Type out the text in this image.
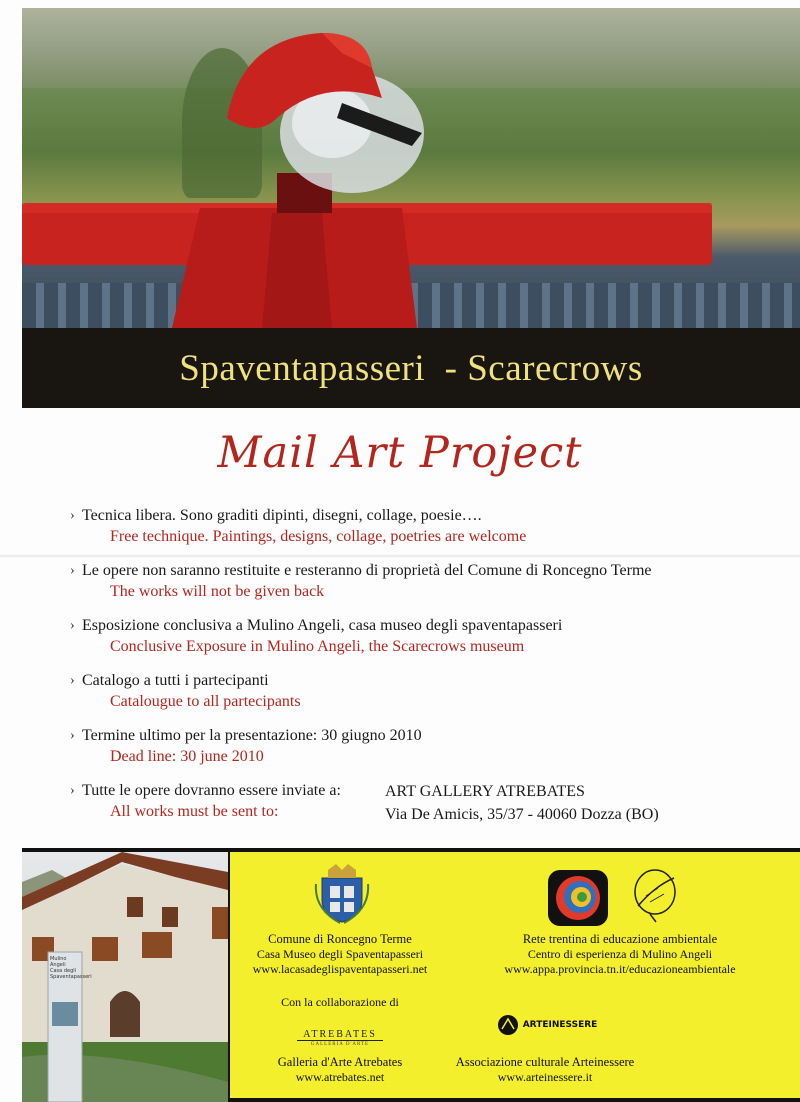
Spaventapasseri  - Scarecrows
Mail Art Project
› Tecnica libera. Sono graditi dipinti, disegni, collage, poesie….
Free technique. Paintings, designs, collage, poetries are welcome
› Le opere non saranno restituite e resteranno di proprietà del Comune di Roncegno Terme
The works will not be given back
› Esposizione conclusiva a Mulino Angeli, casa museo degli spaventapasseri
Conclusive Exposure in Mulino Angeli, the Scarecrows museum
› Catalogo a tutti i partecipanti
Catalougue to all partecipants
› Termine ultimo per la presentazione: 30 giugno 2010
Dead line: 30 june 2010
› Tutte le opere dovranno essere inviate a:
All works must be sent to:
ART GALLERY ATREBATES
Via De Amicis, 35/37 - 40060 Dozza (BO)
Mulino Angeli
Casa degli
Spaventapasseri
Comune di Roncegno Terme
Casa Museo degli Spaventapasseri
www.lacasadeglispaventapasseri.net
Rete trentina di educazione ambientale
Centro di esperienza di Mulino Angeli
www.appa.provincia.tn.it/educazioneambientale
Con la collaborazione di
ATREBATES
GALLERIA D'ARTE
ARTEINESSERE
Galleria d'Arte Atrebates
www.atrebates.net
Associazione culturale Arteinessere
www.arteinessere.it
